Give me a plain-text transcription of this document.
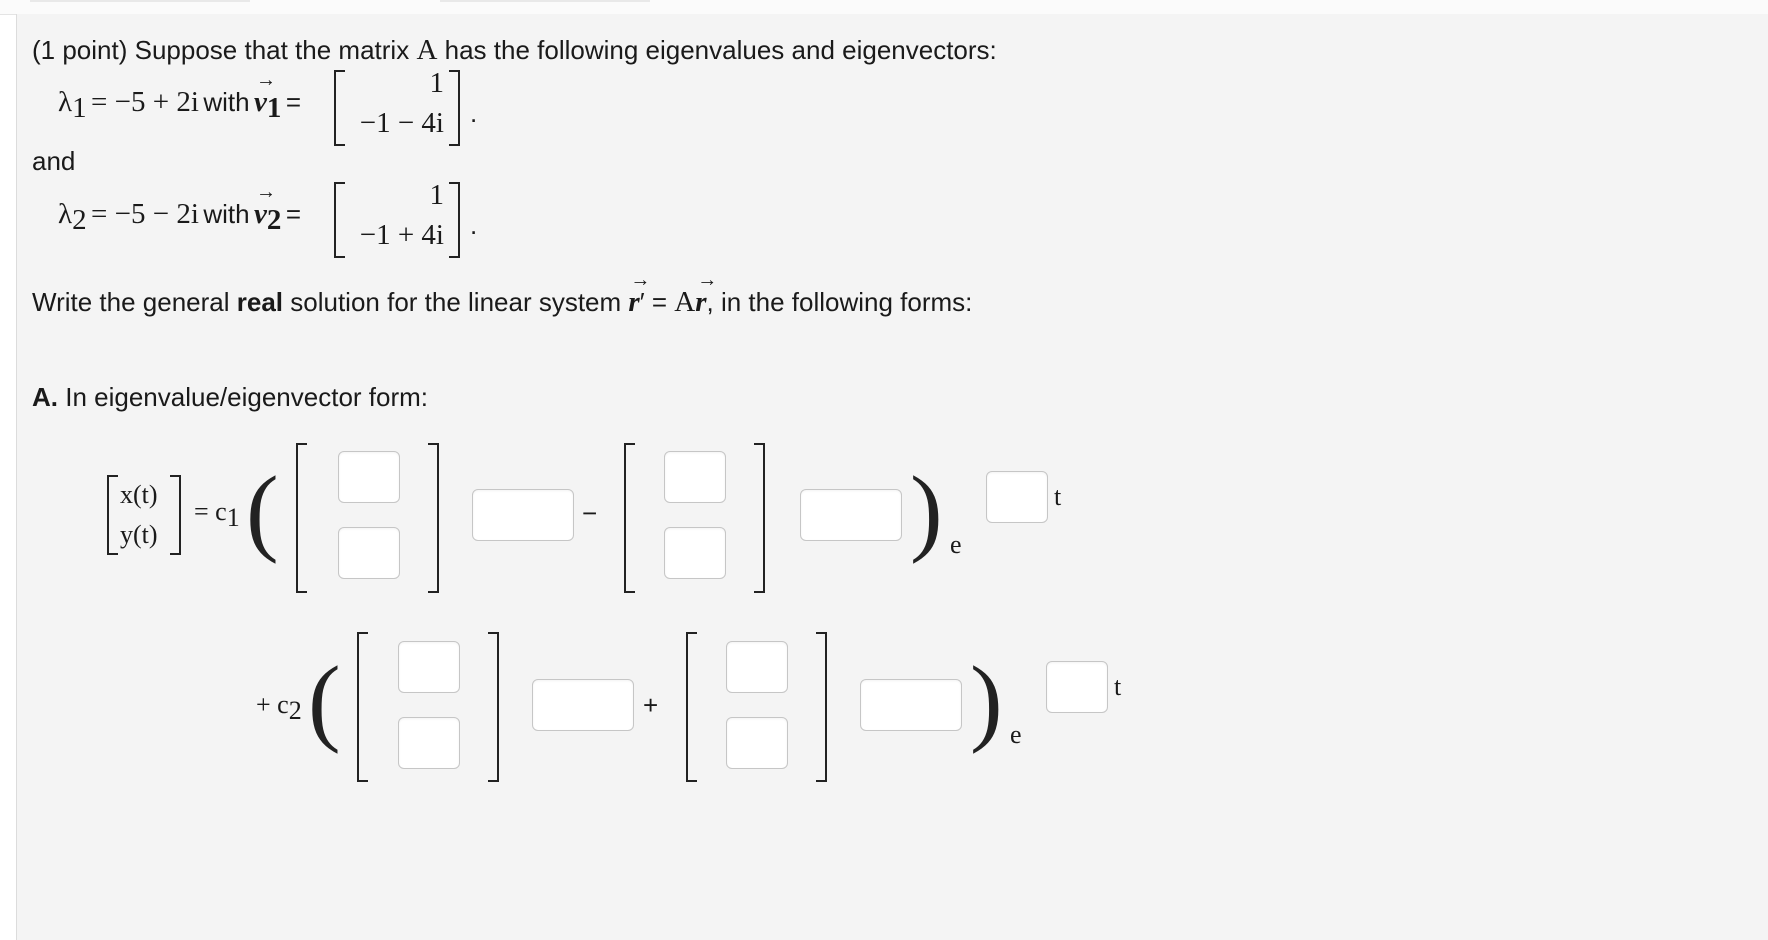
(1 point) Suppose that the matrix A has the following eigenvalues and eigenvectors:
$\lambda_1 = -5 + 2i$ with
→
$v_1$ =
1
−1 − 4i .
and
$\lambda_2 = -5 - 2i$ with
→
$v_2$ =
1
−1 + 4i .
Write the general real solution for the linear system
→
r′ = A
→
r, in the following forms:
A. In eigenvalue/eigenvector form:
x(t)
y(t)
= $c_1$ (	−	) e
t
+ $c_2$ (	+	) e
t
